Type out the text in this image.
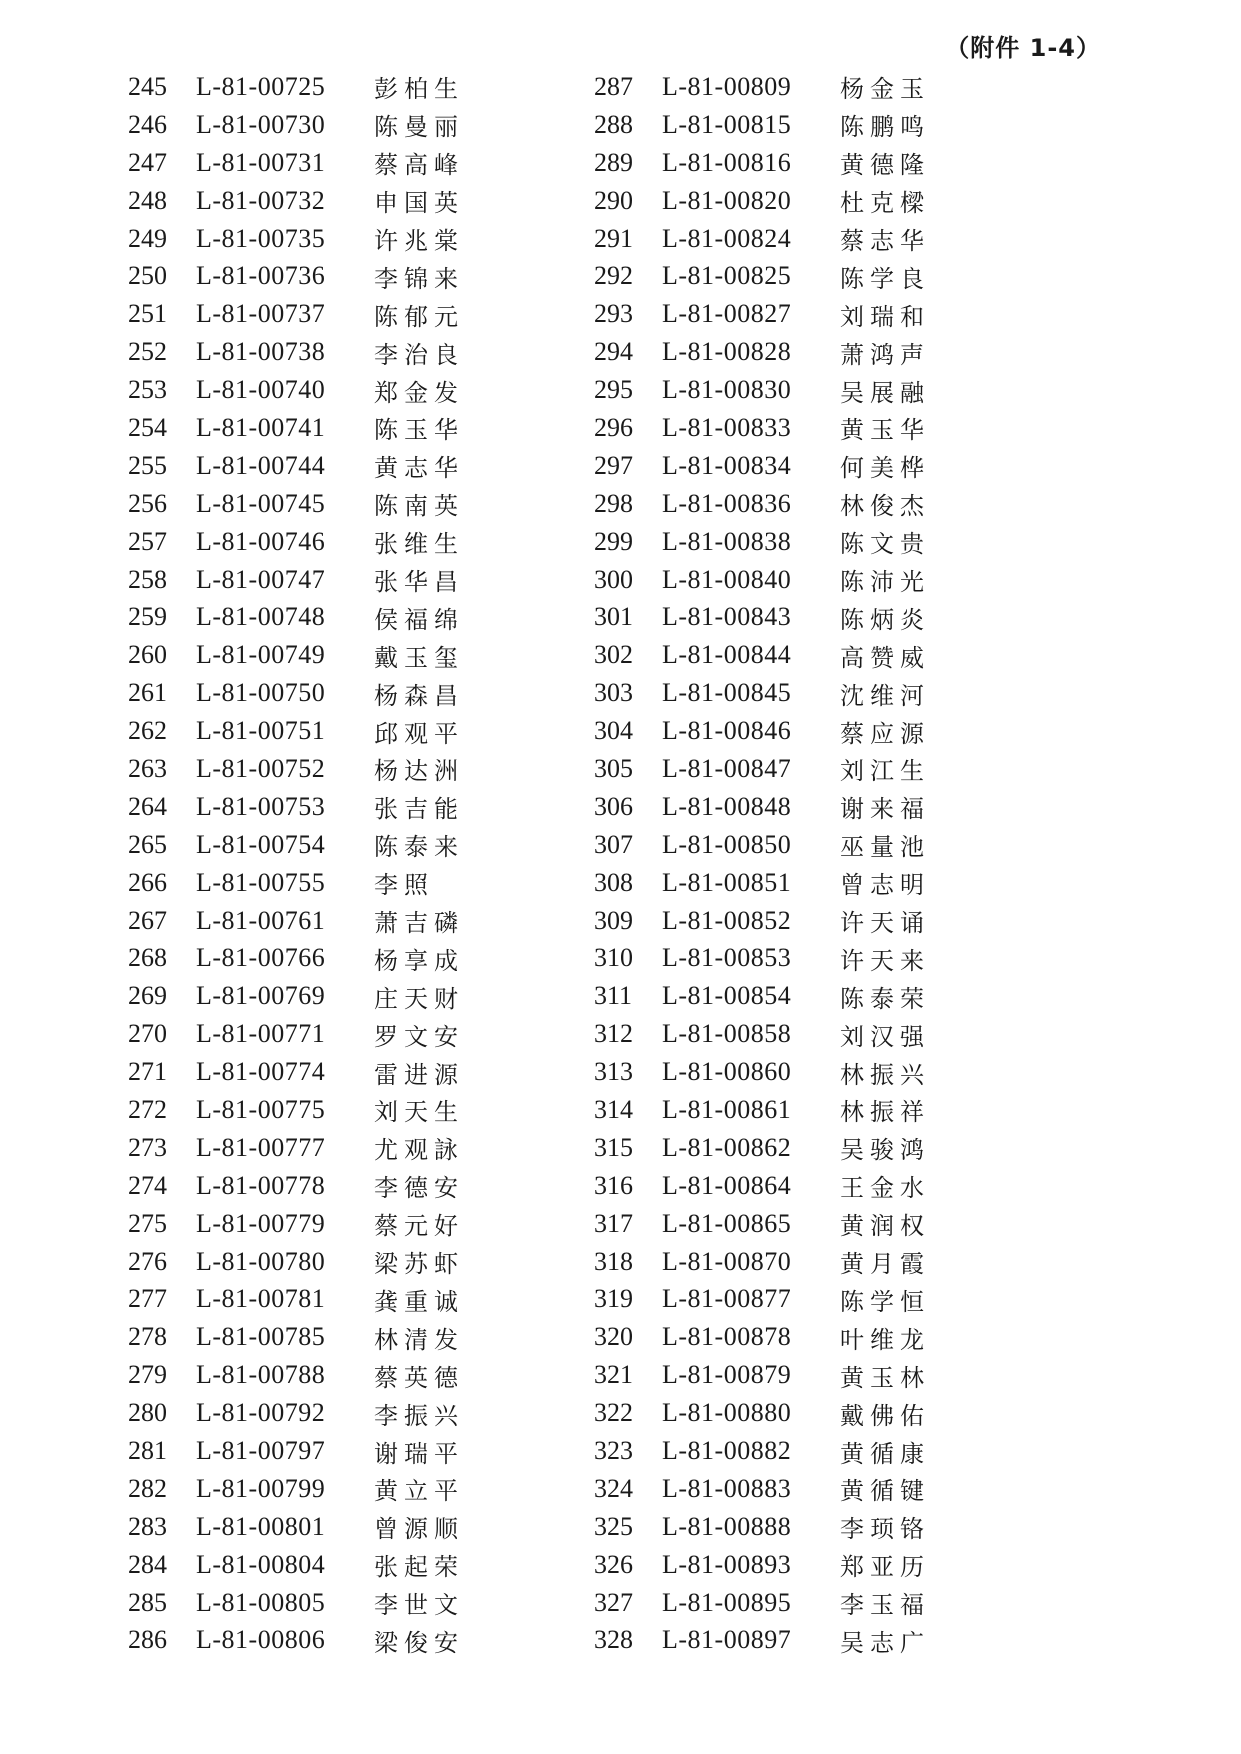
（附件 1-4）
245	L-81-00725	彭柏生
246	L-81-00730	陈曼丽
247	L-81-00731	蔡高峰
248	L-81-00732	申国英
249	L-81-00735	许兆棠
250	L-81-00736	李锦来
251	L-81-00737	陈郁元
252	L-81-00738	李治良
253	L-81-00740	郑金发
254	L-81-00741	陈玉华
255	L-81-00744	黄志华
256	L-81-00745	陈南英
257	L-81-00746	张维生
258	L-81-00747	张华昌
259	L-81-00748	侯福绵
260	L-81-00749	戴玉玺
261	L-81-00750	杨森昌
262	L-81-00751	邱观平
263	L-81-00752	杨达洲
264	L-81-00753	张吉能
265	L-81-00754	陈泰来
266	L-81-00755	李照
267	L-81-00761	萧吉磷
268	L-81-00766	杨享成
269	L-81-00769	庄天财
270	L-81-00771	罗文安
271	L-81-00774	雷进源
272	L-81-00775	刘天生
273	L-81-00777	尤观詠
274	L-81-00778	李德安
275	L-81-00779	蔡元好
276	L-81-00780	梁苏虾
277	L-81-00781	龚重诚
278	L-81-00785	林清发
279	L-81-00788	蔡英德
280	L-81-00792	李振兴
281	L-81-00797	谢瑞平
282	L-81-00799	黄立平
283	L-81-00801	曾源顺
284	L-81-00804	张起荣
285	L-81-00805	李世文
286	L-81-00806	梁俊安
287	L-81-00809	杨金玉
288	L-81-00815	陈鹏鸣
289	L-81-00816	黄德隆
290	L-81-00820	杜克樑
291	L-81-00824	蔡志华
292	L-81-00825	陈学良
293	L-81-00827	刘瑞和
294	L-81-00828	萧鸿声
295	L-81-00830	吴展融
296	L-81-00833	黄玉华
297	L-81-00834	何美桦
298	L-81-00836	林俊杰
299	L-81-00838	陈文贵
300	L-81-00840	陈沛光
301	L-81-00843	陈炳炎
302	L-81-00844	高赞威
303	L-81-00845	沈维河
304	L-81-00846	蔡应源
305	L-81-00847	刘江生
306	L-81-00848	谢来福
307	L-81-00850	巫量池
308	L-81-00851	曾志明
309	L-81-00852	许天诵
310	L-81-00853	许天来
311	L-81-00854	陈泰荣
312	L-81-00858	刘汉强
313	L-81-00860	林振兴
314	L-81-00861	林振祥
315	L-81-00862	吴骏鸿
316	L-81-00864	王金水
317	L-81-00865	黄润权
318	L-81-00870	黄月霞
319	L-81-00877	陈学恒
320	L-81-00878	叶维龙
321	L-81-00879	黄玉林
322	L-81-00880	戴佛佑
323	L-81-00882	黄循康
324	L-81-00883	黄循键
325	L-81-00888	李顼铬
326	L-81-00893	郑亚历
327	L-81-00895	李玉福
328	L-81-00897	吴志广
